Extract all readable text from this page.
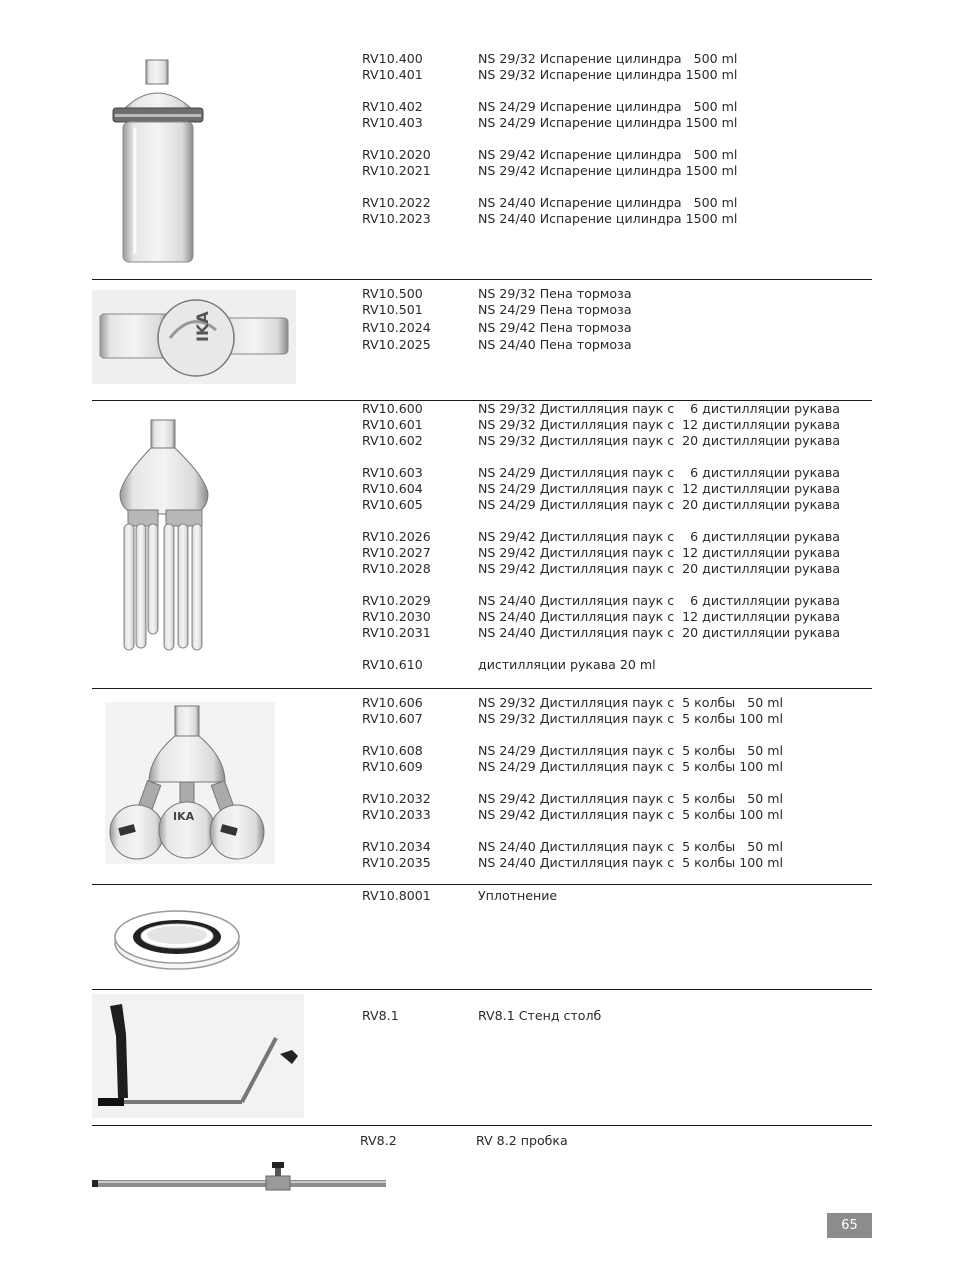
RV10.400	NS 29/32 Испарение цилиндра   500 ml
RV10.401	NS 29/32 Испарение цилиндра 1500 ml
RV10.402	NS 24/29 Испарение цилиндра   500 ml
RV10.403	NS 24/29 Испарение цилиндра 1500 ml
RV10.2020	NS 29/42 Испарение цилиндра   500 ml
RV10.2021	NS 29/42 Испарение цилиндра 1500 ml
RV10.2022	NS 24/40 Испарение цилиндра   500 ml
RV10.2023	NS 24/40 Испарение цилиндра 1500 ml
RV10.500	NS 29/32 Пена тормоза
RV10.501	NS 24/29 Пена тормоза
RV10.2024	NS 29/42 Пена тормоза
RV10.2025	NS 24/40 Пена тормоза
IKA
RV10.600	NS 29/32 Дистилляция паук с    6 дистилляции рукава
RV10.601	NS 29/32 Дистилляция паук с  12 дистилляции рукава
RV10.602	NS 29/32 Дистилляция паук с  20 дистилляции рукава
RV10.603	NS 24/29 Дистилляция паук с    6 дистилляции рукава
RV10.604	NS 24/29 Дистилляция паук с  12 дистилляции рукава
RV10.605	NS 24/29 Дистилляция паук с  20 дистилляции рукава
RV10.2026	NS 29/42 Дистилляция паук с    6 дистилляции рукава
RV10.2027	NS 29/42 Дистилляция паук с  12 дистилляции рукава
RV10.2028	NS 29/42 Дистилляция паук с  20 дистилляции рукава
RV10.2029	NS 24/40 Дистилляция паук с    6 дистилляции рукава
RV10.2030	NS 24/40 Дистилляция паук с  12 дистилляции рукава
RV10.2031	NS 24/40 Дистилляция паук с  20 дистилляции рукава
RV10.610	дистилляции рукава 20 ml
RV10.606	NS 29/32 Дистилляция паук с  5 колбы   50 ml
RV10.607	NS 29/32 Дистилляция паук с  5 колбы 100 ml
RV10.608	NS 24/29 Дистилляция паук с  5 колбы   50 ml
RV10.609	NS 24/29 Дистилляция паук с  5 колбы 100 ml
RV10.2032	NS 29/42 Дистилляция паук с  5 колбы   50 ml
RV10.2033	NS 29/42 Дистилляция паук с  5 колбы 100 ml
RV10.2034	NS 24/40 Дистилляция паук с  5 колбы   50 ml
RV10.2035	NS 24/40 Дистилляция паук с  5 колбы 100 ml
IKA
RV10.8001	Уплотнение
RV8.1	RV8.1 Стенд столб
RV8.2	RV 8.2 пробка
65
